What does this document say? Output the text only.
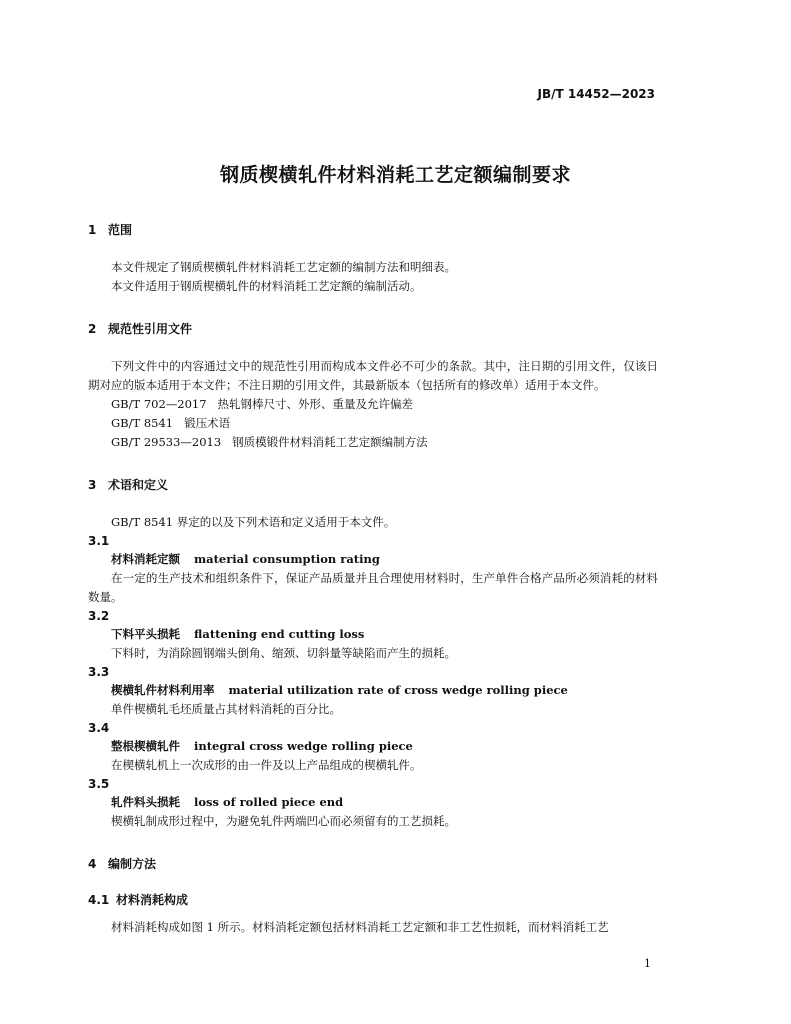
JB/T 14452—2023
钢质楔横轧件材料消耗工艺定额编制要求
1 范围
本文件规定了钢质楔横轧件材料消耗工艺定额的编制方法和明细表。
本文件适用于钢质楔横轧件的材料消耗工艺定额的编制活动。
2 规范性引用文件
下列文件中的内容通过文中的规范性引用而构成本文件必不可少的条款。其中，注日期的引用文件，仅该日期对应的版本适用于本文件；不注日期的引用文件，其最新版本（包括所有的修改单）适用于本文件。
GB/T 702—2017 热轧钢棒尺寸、外形、重量及允许偏差
GB/T 8541 锻压术语
GB/T 29533—2013 钢质模锻件材料消耗工艺定额编制方法
3 术语和定义
GB/T 8541 界定的以及下列术语和定义适用于本文件。
3.1
材料消耗定额 material consumption rating
在一定的生产技术和组织条件下，保证产品质量并且合理使用材料时，生产单件合格产品所必须消耗的材料数量。
3.2
下料平头损耗 flattening end cutting loss
下料时，为消除圆钢端头倒角、缩颈、切斜量等缺陷而产生的损耗。
3.3
楔横轧件材料利用率 material utilization rate of cross wedge rolling piece
单件楔横轧毛坯质量占其材料消耗的百分比。
3.4
整根楔横轧件 integral cross wedge rolling piece
在楔横轧机上一次成形的由一件及以上产品组成的楔横轧件。
3.5
轧件料头损耗 loss of rolled piece end
楔横轧制成形过程中，为避免轧件两端凹心而必须留有的工艺损耗。
4 编制方法
4.1 材料消耗构成
材料消耗构成如图 1 所示。材料消耗定额包括材料消耗工艺定额和非工艺性损耗，而材料消耗工艺
1
